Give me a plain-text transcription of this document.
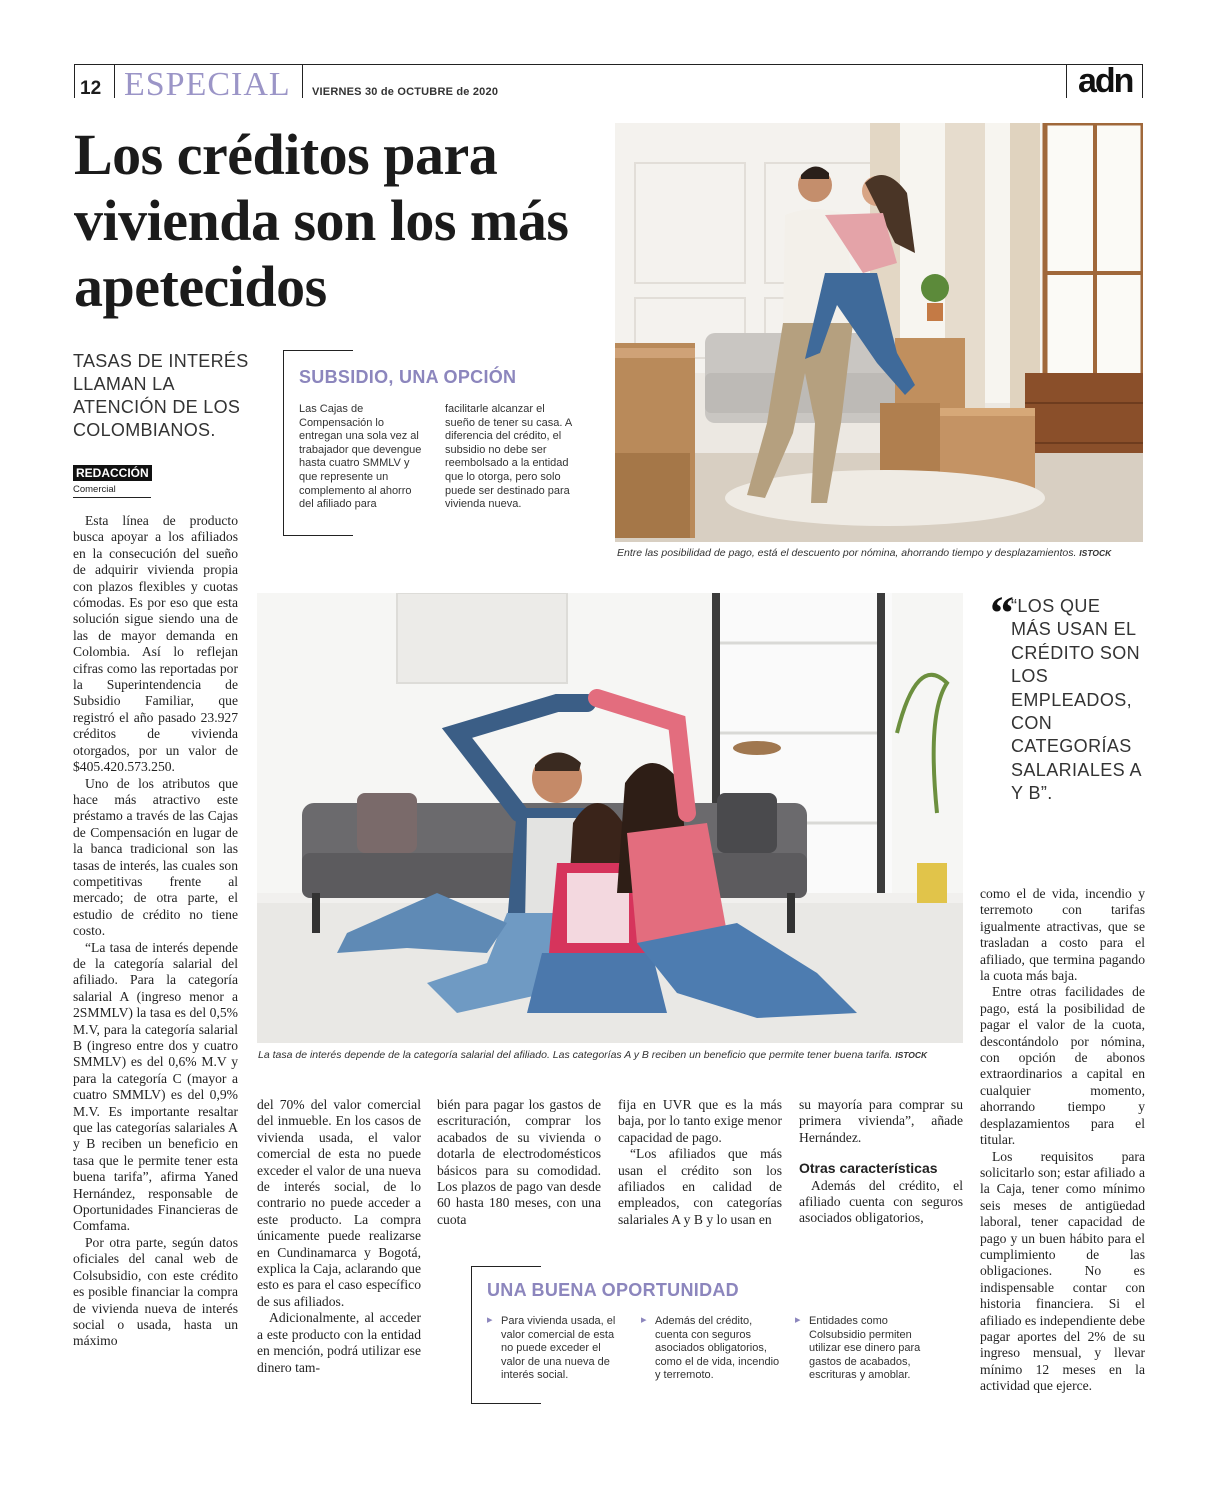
12 ESPECIAL VIERNES 30 de OCTUBRE de 2020	adn
Los créditos para vivienda son los más apetecidos
TASAS DE INTERÉS LLAMAN LA ATENCIÓN DE LOS COLOMBIANOS.
REDACCIÓN
Comercial
Entre las posibilidad de pago, está el descuento por nómina, ahorrando tiempo y desplazamientos. ISTOCK
SUBSIDIO, UNA OPCIÓN
Las Cajas de Compensación lo entregan una sola vez al trabajador que devengue hasta cuatro SMMLV y que represente un complemento al ahorro del afiliado para
facilitarle alcanzar el sueño de tener su casa. A diferencia del crédito, el subsidio no debe ser reembolsado a la entidad que lo otorga, pero solo puede ser destinado para vivienda nueva.
La tasa de interés depende de la categoría salarial del afiliado. Las categorías A y B reciben un beneficio que permite tener buena tarifa. ISTOCK
“
“LOS QUE MÁS USAN EL CRÉDITO SON LOS EMPLEADOS, CON CATEGORÍAS SALARIALES A Y B”.

Esta línea de producto busca apoyar a los afiliados en la consecución del sueño de adquirir vivienda propia con plazos flexibles y cuotas cómodas. Es por eso que esta solución sigue siendo una de las de mayor demanda en Colombia. Así lo reflejan cifras como las reportadas por la Superintendencia de Subsidio Familiar, que registró el año pasado 23.927 créditos de vivienda otorgados, por un valor de $405.420.573.250.

Uno de los atributos que hace más atractivo este préstamo a través de las Cajas de Compensación en lugar de la banca tradicional son las tasas de interés, las cuales son competitivas frente al mercado; de otra parte, el estudio de crédito no tiene costo.

“La tasa de interés depende de la categoría salarial del afiliado. Para la categoría salarial A (ingreso menor a 2SMMLV) la tasa es del 0,5% M.V, para la categoría salarial B (ingreso entre dos y cuatro SMMLV) es del 0,6% M.V y para la categoría C (mayor a cuatro SMMLV) es del 0,9% M.V. Es importante resaltar que las categorías salariales A y B reciben un beneficio en tasa que le permite tener esta buena tarifa”, afirma Yaned Hernández, responsable de Oportunidades Financieras de Comfama.

Por otra parte, según datos oficiales del canal web de Colsubsidio, con este crédito es posible financiar la compra de vivienda nueva de interés social o usada, hasta un máximo

del 70% del valor comercial del inmueble. En los casos de vivienda usada, el valor comercial de esta no puede exceder el valor de una nueva de interés social, de lo contrario no puede acceder a este producto. La compra únicamente puede realizarse en Cundinamarca y Bogotá, explica la Caja, aclarando que esto es para el caso específico de sus afiliados.

Adicionalmente, al acceder a este producto con la entidad en mención, podrá utilizar ese dinero tam-

bién para pagar los gastos de escrituración, comprar los acabados de su vivienda o dotarla de electrodomésticos básicos para su comodidad. Los plazos de pago van desde 60 hasta 180 meses, con una cuota

fija en UVR que es la más baja, por lo tanto exige menor capacidad de pago.

“Los afiliados que más usan el crédito son los afiliados en calidad de empleados, con categorías salariales A y B y lo usan en

su mayoría para comprar su primera vivienda”, añade Hernández.

Otras características

Además del crédito, el afiliado cuenta con seguros asociados obligatorios,

como el de vida, incendio y terremoto con tarifas igualmente atractivas, que se trasladan a costo para el afiliado, que termina pagando la cuota más baja.

Entre otras facilidades de pago, está la posibilidad de pagar el valor de la cuota, descontándolo por nómina, con opción de abonos extraordinarios a capital en cualquier momento, ahorrando tiempo y desplazamientos para el titular.

Los requisitos para solicitarlo son; estar afiliado a la Caja, tener como mínimo seis meses de antigüedad laboral, tener capacidad de pago y un buen hábito para el cumplimiento de las obligaciones. No es indispensable contar con historia financiera. Si el afiliado es independiente debe pagar aportes del 2% de su ingreso mensual, y llevar mínimo 12 meses en la actividad que ejerce.

UNA BUENA OPORTUNIDAD
▸ Para vivienda usada, el valor comercial de esta no puede exceder el valor de una nueva de interés social.
▸ Además del crédito, cuenta con seguros asociados obligatorios, como el de vida, incendio y terremoto.
▸ Entidades como Colsubsidio permiten utilizar ese dinero para gastos de acabados, escrituras y amoblar.
